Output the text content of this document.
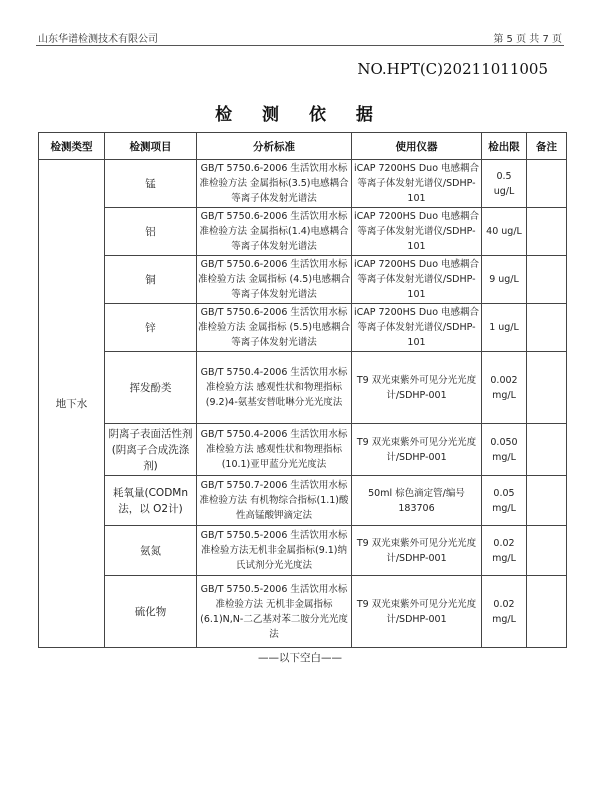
山东华谱检测技术有限公司	第 5 页 共 7 页
NO.HPT(C)20211011005
检 测 依 据
检测类型	检测项目	分析标准	使用仪器	检出限	备注
地下水	锰	GB/T 5750.6-2006 生活饮用水标准检验方法 金属指标(3.5)电感耦合等离子体发射光谱法	iCAP 7200HS Duo 电感耦合等离子体发射光谱仪/SDHP-101	0.5
ug/L	

	铝	GB/T 5750.6-2006 生活饮用水标准检验方法 金属指标(1.4)电感耦合等离子体发射光谱法	iCAP 7200HS Duo 电感耦合等离子体发射光谱仪/SDHP-101	40 ug/L	

	铜	GB/T 5750.6-2006 生活饮用水标准检验方法 金属指标 (4.5)电感耦合等离子体发射光谱法	iCAP 7200HS Duo 电感耦合等离子体发射光谱仪/SDHP-101	9 ug/L	

	锌	GB/T 5750.6-2006 生活饮用水标准检验方法 金属指标 (5.5)电感耦合等离子体发射光谱法	iCAP 7200HS Duo 电感耦合等离子体发射光谱仪/SDHP-101	1 ug/L	

	挥发酚类	GB/T 5750.4-2006 生活饮用水标准检验方法 感观性状和物理指标(9.2)4-氨基安替吡啉分光光度法	T9 双光束紫外可见分光光度计/SDHP-001	0.002
mg/L	

	阴离子表面活性剂(阴离子合成洗涤剂)	GB/T 5750.4-2006 生活饮用水标准检验方法 感观性状和物理指标(10.1)亚甲蓝分光光度法	T9 双光束紫外可见分光光度计/SDHP-001	0.050
mg/L	

	耗氧量(CODMn法，以 O2计)	GB/T 5750.7-2006 生活饮用水标准检验方法 有机物综合指标(1.1)酸性高锰酸钾滴定法	50ml 棕色滴定管/编号183706	0.05
mg/L	

	氨氮	GB/T 5750.5-2006 生活饮用水标准检验方法无机非金属指标(9.1)纳氏试剂分光光度法	T9 双光束紫外可见分光光度计/SDHP-001	0.02
mg/L	

	硫化物	GB/T 5750.5-2006 生活饮用水标准检验方法 无机非金属指标(6.1)N,N-二乙基对苯二胺分光光度法	T9 双光束紫外可见分光光度计/SDHP-001	0.02
mg/L	

——以下空白——
